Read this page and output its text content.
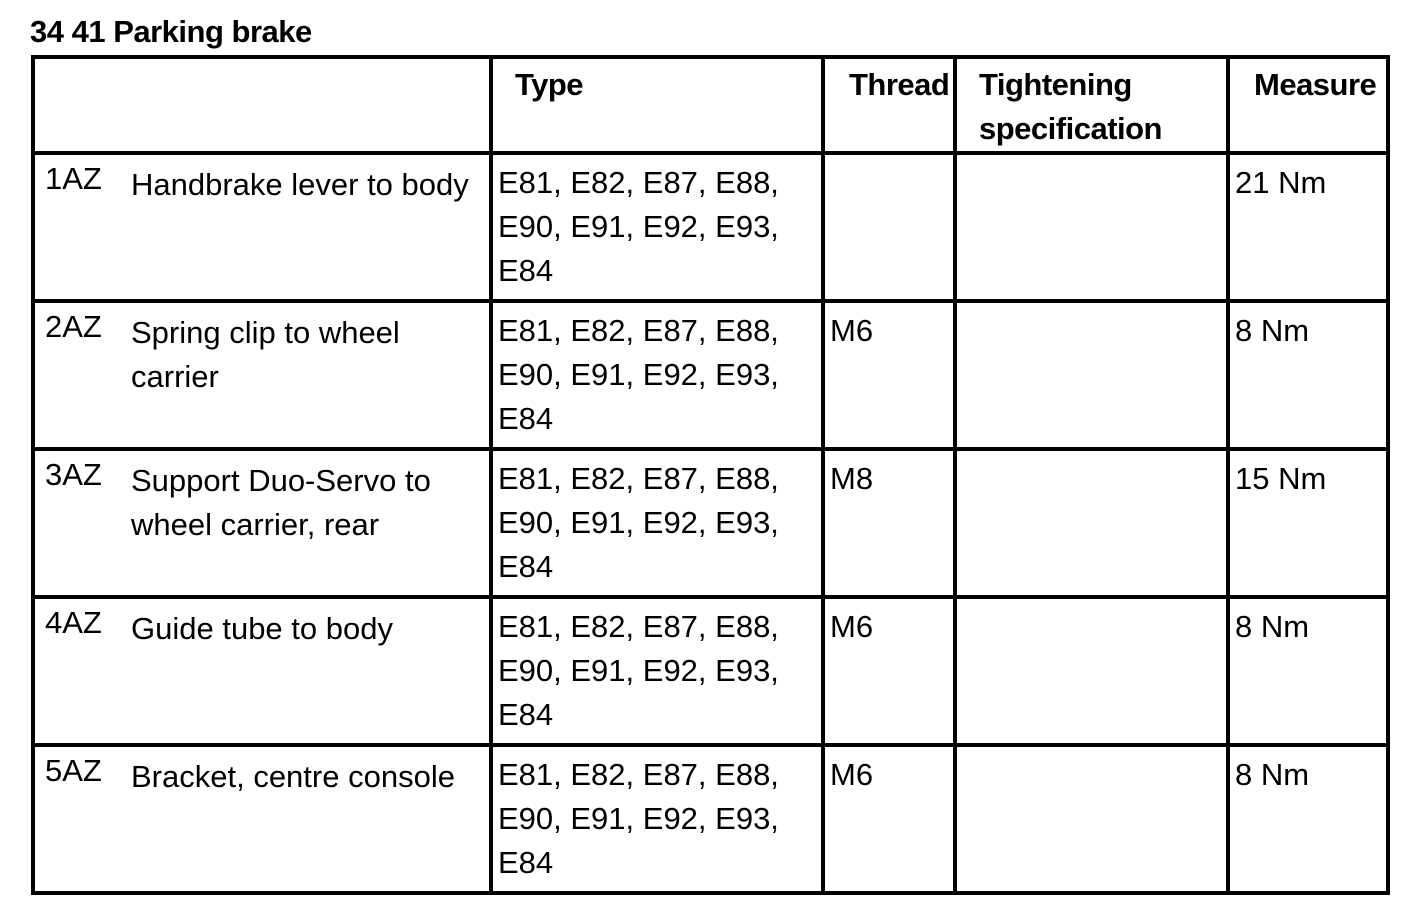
34 41 Parking brake
	Type	Thread	Tightening specification	Measure

1AZ Handbrake lever to body	E81, E82, E87, E88, E90, E91, E92, E93, E84			21 Nm

2AZ Spring clip to wheel carrier	E81, E82, E87, E88, E90, E91, E92, E93, E84	M6		8 Nm

3AZ Support Duo-Servo to wheel carrier, rear	E81, E82, E87, E88, E90, E91, E92, E93, E84	M8		15 Nm

4AZ Guide tube to body	E81, E82, E87, E88, E90, E91, E92, E93, E84	M6		8 Nm

5AZ Bracket, centre console	E81, E82, E87, E88, E90, E91, E92, E93, E84	M6		8 Nm
